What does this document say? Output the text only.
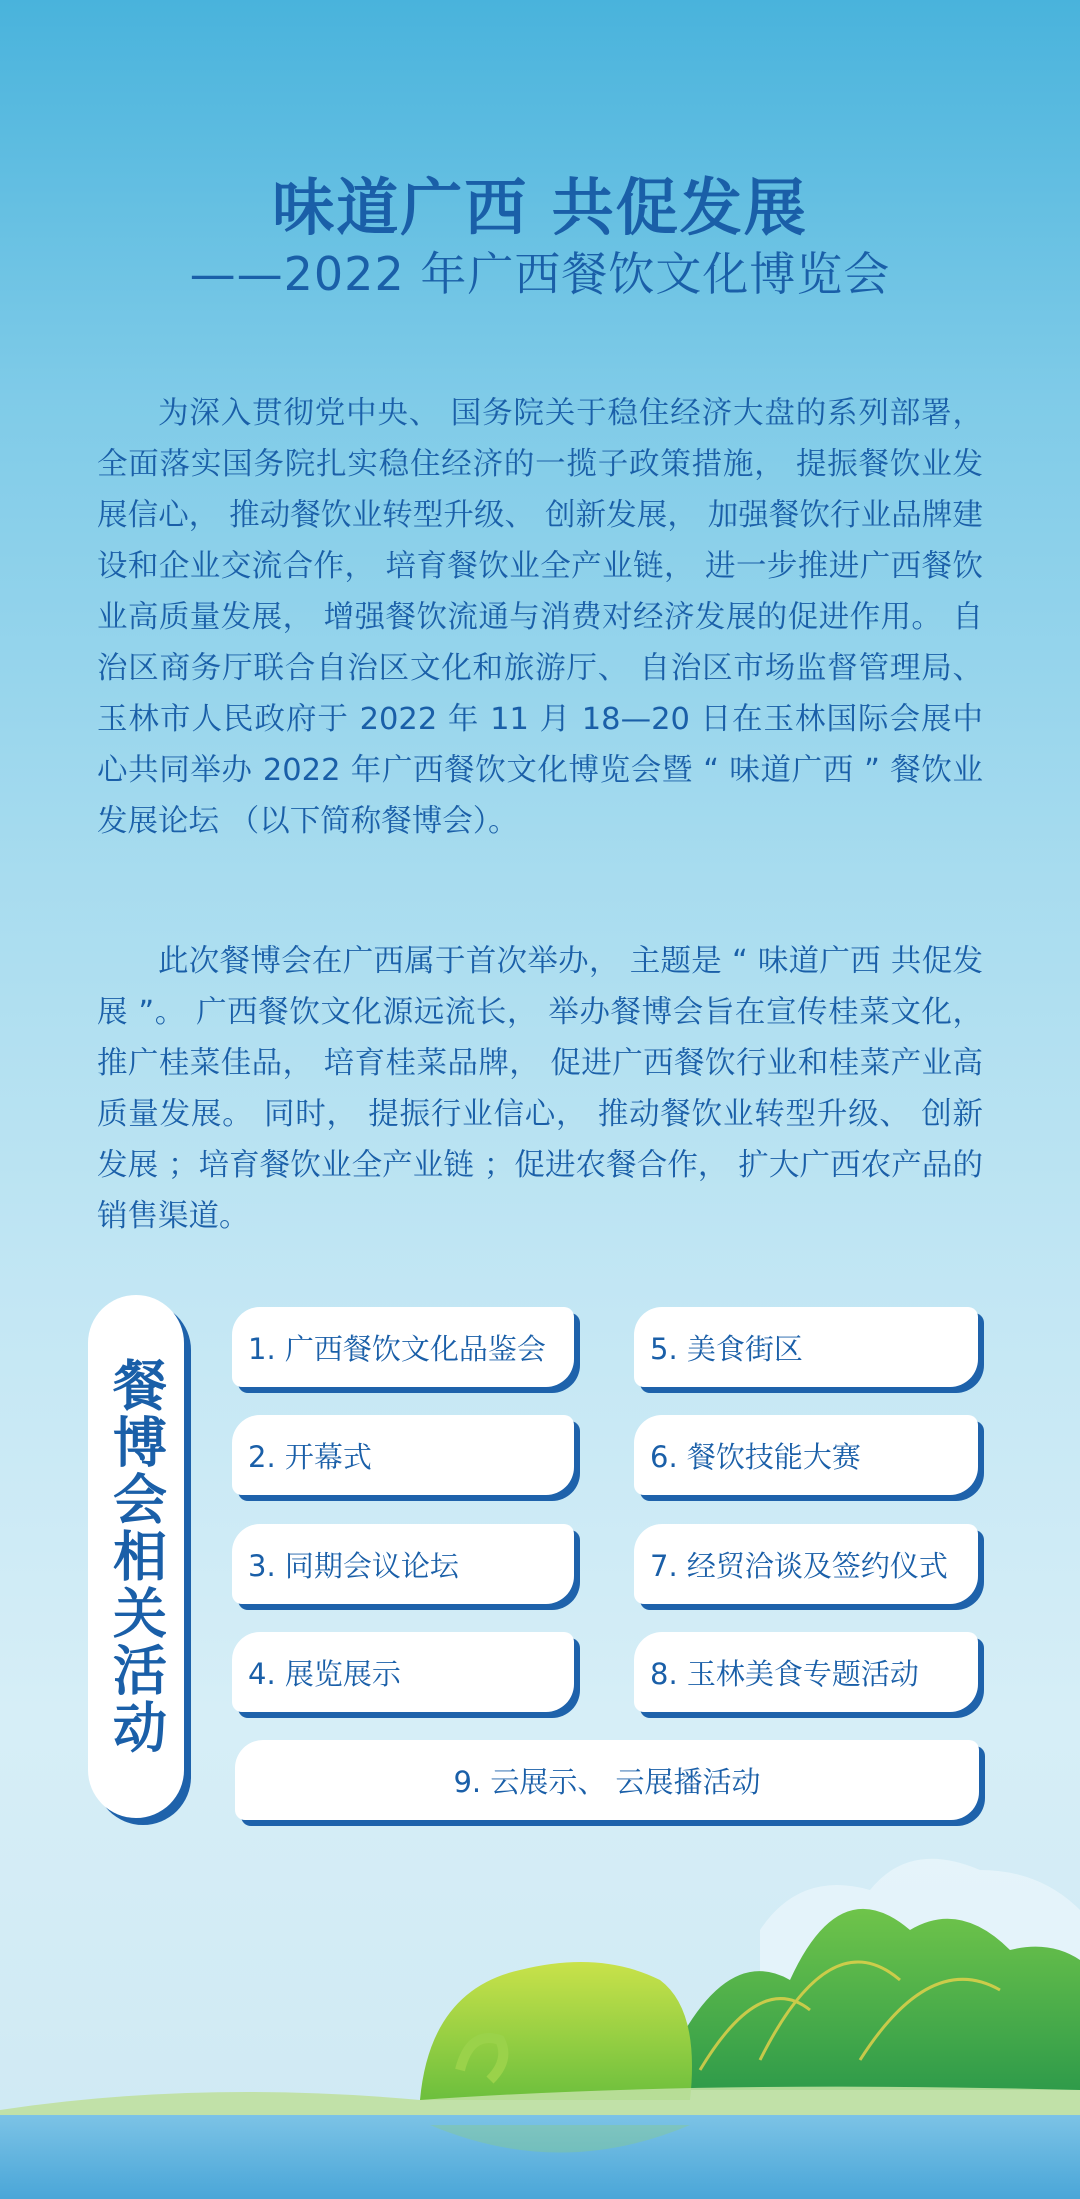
味道广西 共促发展
——2022 年广西餐饮文化博览会

为深入贯彻党中央、 国务院关于稳住经济大盘的系列部署， 全面落实国务院扎实稳住经济的一揽子政策措施， 提振餐饮业发展信心， 推动餐饮业转型升级、 创新发展， 加强餐饮行业品牌建设和企业交流合作， 培育餐饮业全产业链， 进一步推进广西餐饮业高质量发展， 增强餐饮流通与消费对经济发展的促进作用。 自治区商务厅联合自治区文化和旅游厅、 自治区市场监督管理局、 玉林市人民政府于 2022 年 11 月 18—20 日在玉林国际会展中心共同举办 2022 年广西餐饮文化博览会暨 “ 味道广西 ” 餐饮业发展论坛 （以下简称餐博会）。

此次餐博会在广西属于首次举办， 主题是 “ 味道广西 共促发展 ”。 广西餐饮文化源远流长， 举办餐博会旨在宣传桂菜文化， 推广桂菜佳品， 培育桂菜品牌， 促进广西餐饮行业和桂菜产业高质量发展。 同时， 提振行业信心， 推动餐饮业转型升级、 创新发展 ；培育餐饮业全产业链 ；促进农餐合作， 扩大广西农产品的销售渠道。

餐博会相关活动
1. 广西餐饮文化品鉴会
2. 开幕式
3. 同期会议论坛
4. 展览展示
5. 美食街区
6. 餐饮技能大赛
7. 经贸洽谈及签约仪式
8. 玉林美食专题活动
9. 云展示、 云展播活动
